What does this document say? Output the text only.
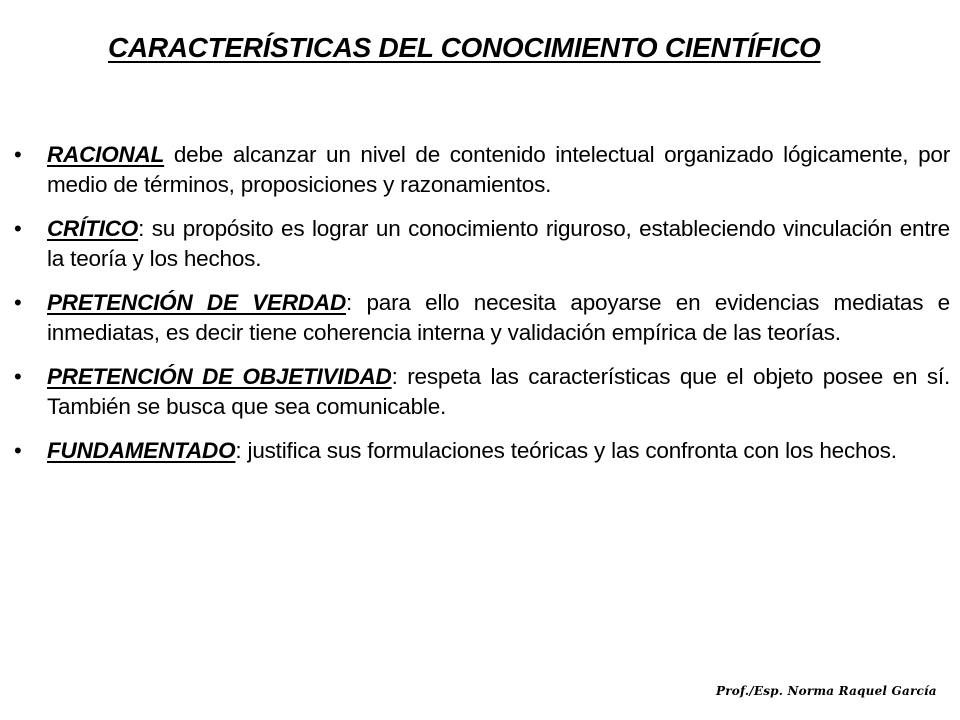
CARACTERÍSTICAS DEL CONOCIMIENTO CIENTÍFICO
• RACIONAL debe alcanzar un nivel de contenido intelectual organizado lógicamente, por medio de términos, proposiciones y razonamientos.
• CRÍTICO: su propósito es lograr un conocimiento riguroso, estableciendo vinculación entre la teoría y los hechos.
• PRETENCIÓN DE VERDAD: para ello necesita apoyarse en evidencias mediatas e inmediatas, es decir tiene coherencia interna y validación empírica de las teorías.
• PRETENCIÓN DE OBJETIVIDAD: respeta las características que el objeto posee en sí. También se busca que sea comunicable.
• FUNDAMENTADO: justifica sus formulaciones teóricas y las confronta con los hechos.
Prof./Esp. Norma Raquel García
